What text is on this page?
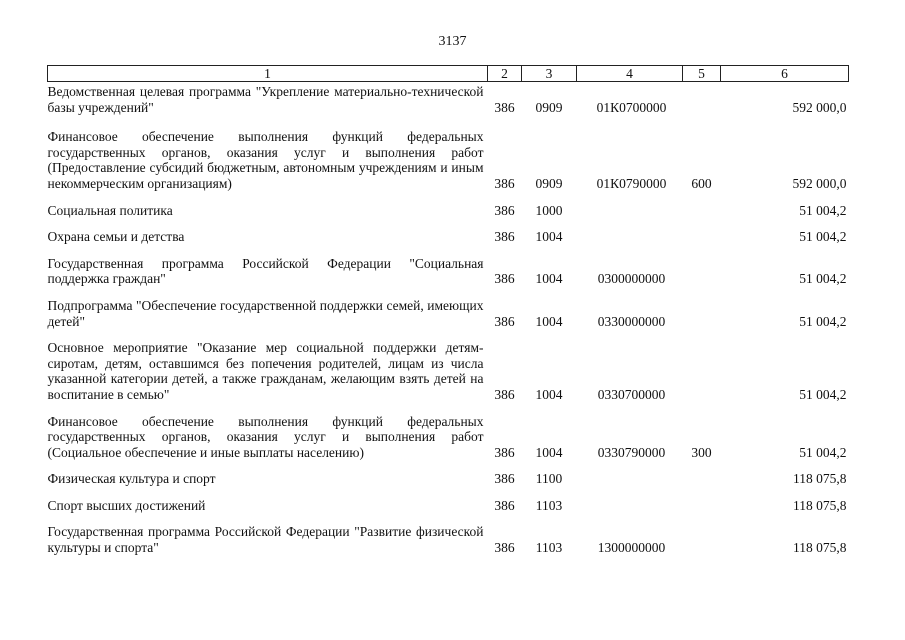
3137
1	2	3	4	5	6
Ведомственная целевая программа "Укрепление материально-технической базы учреждений"	386	0909	01К0700000		592 000,0
Финансовое обеспечение выполнения функций федеральных государственных органов, оказания услуг и выполнения работ (Предоставление субсидий бюджетным, автономным учреждениям и иным некоммерческим организациям)	386	0909	01К0790000	600	592 000,0
Социальная политика	386	1000			51 004,2
Охрана семьи и детства	386	1004			51 004,2
Государственная программа Российской Федерации "Социальная поддержка граждан"	386	1004	0300000000		51 004,2
Подпрограмма "Обеспечение государственной поддержки семей, имеющих детей"	386	1004	0330000000		51 004,2
Основное мероприятие "Оказание мер социальной поддержки детям-сиротам, детям, оставшимся без попечения родителей, лицам из числа указанной категории детей, а также гражданам, желающим взять детей на воспитание в семью"	386	1004	0330700000		51 004,2
Финансовое обеспечение выполнения функций федеральных государственных органов, оказания услуг и выполнения работ (Социальное обеспечение и иные выплаты населению)	386	1004	0330790000	300	51 004,2
Физическая культура и спорт	386	1100			118 075,8
Спорт высших достижений	386	1103			118 075,8
Государственная программа Российской Федерации "Развитие физической культуры и спорта"	386	1103	1300000000		118 075,8
